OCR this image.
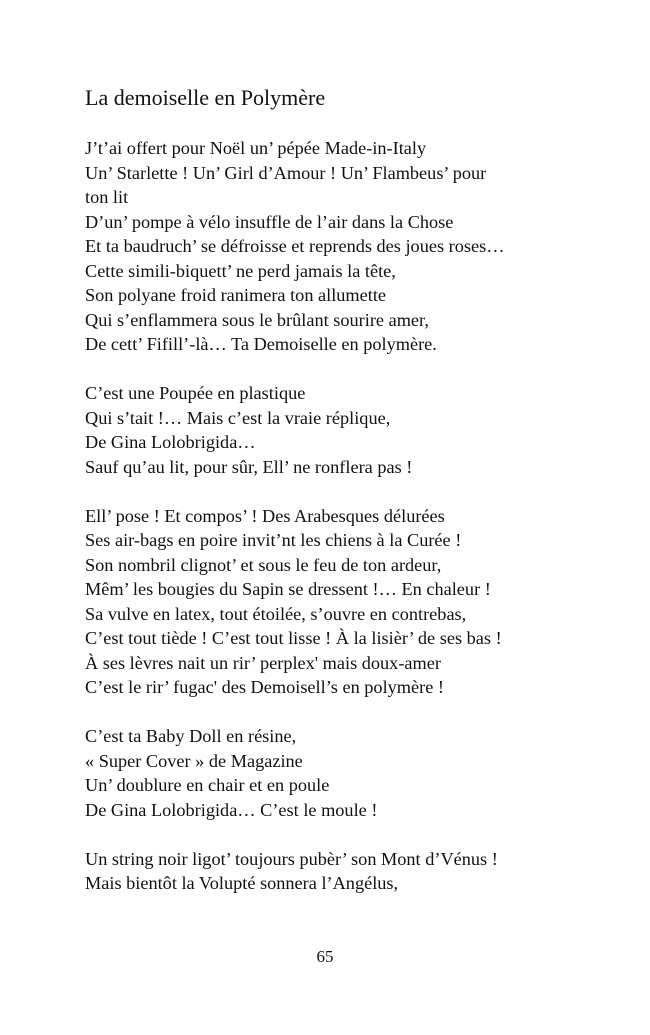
La demoiselle en Polymère
J’t’ai offert pour Noël un’ pépée Made-in-Italy
Un’ Starlette ! Un’ Girl d’Amour ! Un’ Flambeus’ pour
ton lit
D’un’ pompe à vélo insuffle de l’air dans la Chose
Et ta baudruch’ se défroisse et reprends des joues roses…
Cette simili-biquett’ ne perd jamais la tête,
Son polyane froid ranimera ton allumette
Qui s’enflammera sous le brûlant sourire amer,
De cett’ Fifill’-là… Ta Demoiselle en polymère.
C’est une Poupée en plastique
Qui s’tait !… Mais c’est la vraie réplique,
De Gina Lolobrigida…
Sauf qu’au lit, pour sûr, Ell’ ne ronflera pas !
Ell’ pose ! Et compos’ ! Des Arabesques délurées
Ses air-bags en poire invit’nt les chiens à la Curée !
Son nombril clignot’ et sous le feu de ton ardeur,
Mêm’ les bougies du Sapin se dressent !… En chaleur !
Sa vulve en latex, tout étoilée, s’ouvre en contrebas,
C’est tout tiède ! C’est tout lisse ! À la lisièr’ de ses bas !
À ses lèvres nait un rir’ perplex' mais doux-amer
C’est le rir’ fugac' des Demoisell’s en polymère !
C’est ta Baby Doll en résine,
« Super Cover » de Magazine
Un’ doublure en chair et en poule
De Gina Lolobrigida… C’est le moule !
Un string noir ligot’ toujours pubèr’ son Mont d’Vénus !
Mais bientôt la Volupté sonnera l’Angélus,
65
